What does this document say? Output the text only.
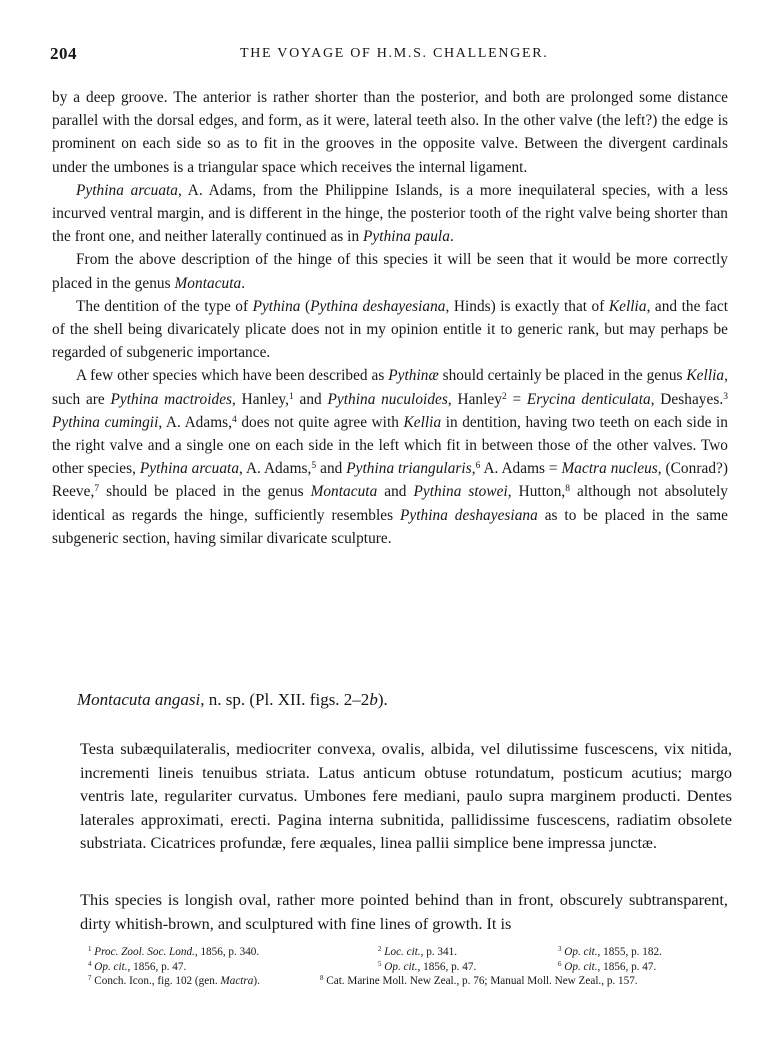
204	THE VOYAGE OF H.M.S. CHALLENGER.

by a deep groove. The anterior is rather shorter than the posterior, and both are prolonged some distance parallel with the dorsal edges, and form, as it were, lateral teeth also. In the other valve (the left?) the edge is prominent on each side so as to fit in the grooves in the opposite valve. Between the divergent cardinals under the umbones is a triangular space which receives the internal ligament.

Pythina arcuata, A. Adams, from the Philippine Islands, is a more inequilateral species, with a less incurved ventral margin, and is different in the hinge, the posterior tooth of the right valve being shorter than the front one, and neither laterally continued as in Pythina paula.

From the above description of the hinge of this species it will be seen that it would be more correctly placed in the genus Montacuta.

The dentition of the type of Pythina (Pythina deshayesiana, Hinds) is exactly that of Kellia, and the fact of the shell being divaricately plicate does not in my opinion entitle it to generic rank, but may perhaps be regarded of subgeneric importance.

A few other species which have been described as Pythinæ should certainly be placed in the genus Kellia, such are Pythina mactroides, Hanley,$^1$ and Pythina nuculoides, Hanley$^2$ = Erycina denticulata, Deshayes.$^3$ Pythina cumingii, A. Adams,$^4$ does not quite agree with Kellia in dentition, having two teeth on each side in the right valve and a single one on each side in the left which fit in between those of the other valves. Two other species, Pythina arcuata, A. Adams,$^5$ and Pythina triangularis,$^6$ A. Adams = Mactra nucleus, (Conrad?) Reeve,$^7$ should be placed in the genus Montacuta and Pythina stowei, Hutton,$^8$ although not absolutely identical as regards the hinge, sufficiently resembles Pythina deshayesiana as to be placed in the same subgeneric section, having similar divaricate sculpture.

Montacuta angasi, n. sp. (Pl. XII. figs. 2–2b).

Testa subæquilateralis, mediocriter convexa, ovalis, albida, vel dilutissime fuscescens, vix nitida, incrementi lineis tenuibus striata. Latus anticum obtuse rotundatum, posticum acutius; margo ventris late, regulariter curvatus. Umbones fere mediani, paulo supra marginem producti. Dentes laterales approximati, erecti. Pagina interna subnitida, pallidissime fuscescens, radiatim obsolete substriata. Cicatrices profundæ, fere æquales, linea pallii simplice bene impressa junctæ.

This species is longish oval, rather more pointed behind than in front, obscurely subtransparent, dirty whitish-brown, and sculptured with fine lines of growth. It is

$^1$ Proc. Zool. Soc. Lond., 1856, p. 340.	$^2$ Loc. cit., p. 341.	$^3$ Op. cit., 1855, p. 182.
$^4$ Op. cit., 1856, p. 47.	$^5$ Op. cit., 1856, p. 47.	$^6$ Op. cit., 1856, p. 47.
$^7$ Conch. Icon., fig. 102 (gen. Mactra).	$^8$ Cat. Marine Moll. New Zeal., p. 76; Manual Moll. New Zeal., p. 157.
